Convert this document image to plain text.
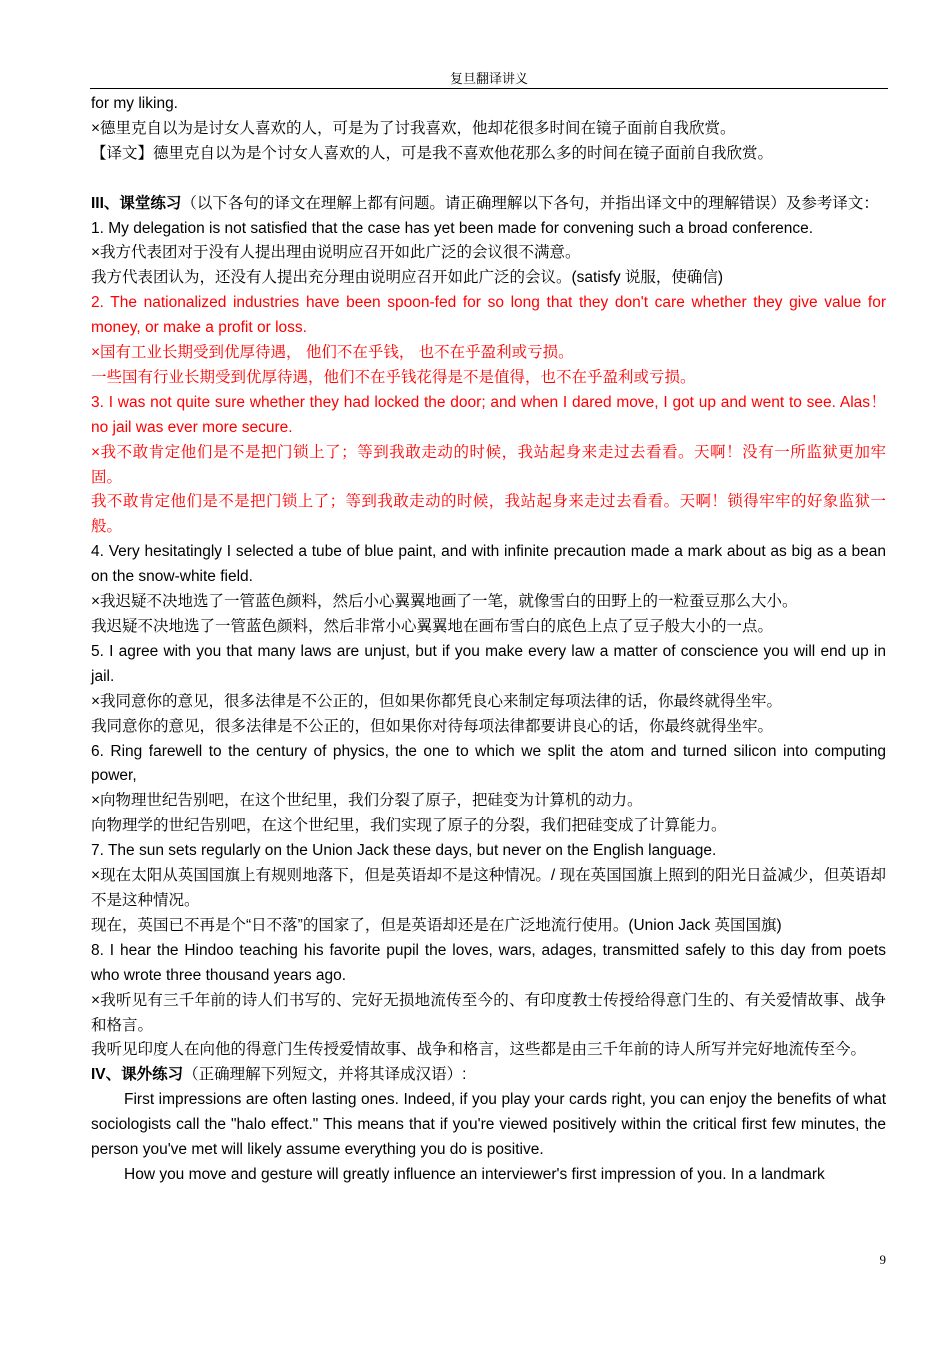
复旦翻译讲义

for my liking.

×德里克自以为是讨女人喜欢的人，可是为了讨我喜欢，他却花很多时间在镜子面前自我欣赏。

【译文】德里克自以为是个讨女人喜欢的人，可是我不喜欢他花那么多的时间在镜子面前自我欣赏。

III、课堂练习（以下各句的译文在理解上都有问题。请正确理解以下各句，并指出译文中的理解错误）及参考译文：

1. My delegation is not satisfied that the case has yet been made for convening such a broad conference.

×我方代表团对于没有人提出理由说明应召开如此广泛的会议很不满意。

我方代表团认为，还没有人提出充分理由说明应召开如此广泛的会议。(satisfy 说服，使确信)

2. The nationalized industries have been spoon-fed for so long that they don't care whether they give value for money, or make a profit or loss.

×国有工业长期受到优厚待遇， 他们不在乎钱， 也不在乎盈利或亏损。

一些国有行业长期受到优厚待遇，他们不在乎钱花得是不是值得，也不在乎盈利或亏损。

3. I was not quite sure whether they had locked the door; and when I dared move, I got up and went to see. Alas！ no jail was ever more secure.

×我不敢肯定他们是不是把门锁上了；等到我敢走动的时候，我站起身来走过去看看。天啊！没有一所监狱更加牢固。

我不敢肯定他们是不是把门锁上了；等到我敢走动的时候，我站起身来走过去看看。天啊！锁得牢牢的好象监狱一般。

4. Very hesitatingly I selected a tube of blue paint, and with infinite precaution made a mark about as big as a bean on the snow-white field.

×我迟疑不决地选了一管蓝色颜料，然后小心翼翼地画了一笔，就像雪白的田野上的一粒蚕豆那么大小。

我迟疑不决地选了一管蓝色颜料，然后非常小心翼翼地在画布雪白的底色上点了豆子般大小的一点。

5. I agree with you that many laws are unjust, but if you make every law a matter of conscience you will end up in jail.

×我同意你的意见，很多法律是不公正的，但如果你都凭良心来制定每项法律的话，你最终就得坐牢。

我同意你的意见，很多法律是不公正的，但如果你对待每项法律都要讲良心的话，你最终就得坐牢。

6. Ring farewell to the century of physics, the one to which we split the atom and turned silicon into computing power,

×向物理世纪告别吧，在这个世纪里，我们分裂了原子，把硅变为计算机的动力。

向物理学的世纪告别吧，在这个世纪里，我们实现了原子的分裂，我们把硅变成了计算能力。

7. The sun sets regularly on the Union Jack these days, but never on the English language.

×现在太阳从英国国旗上有规则地落下，但是英语却不是这种情况。/ 现在英国国旗上照到的阳光日益减少，但英语却不是这种情况。

现在，英国已不再是个“日不落”的国家了，但是英语却还是在广泛地流行使用。(Union Jack 英国国旗)

8. I hear the Hindoo teaching his favorite pupil the loves, wars, adages, transmitted safely to this day from poets who wrote three thousand years ago.

×我听见有三千年前的诗人们书写的、完好无损地流传至今的、有印度教士传授给得意门生的、有关爱情故事、战争和格言。

我听见印度人在向他的得意门生传授爱情故事、战争和格言，这些都是由三千年前的诗人所写并完好地流传至今。

IV、课外练习（正确理解下列短文，并将其译成汉语）:

First impressions are often lasting ones. Indeed, if you play your cards right, you can enjoy the benefits of what sociologists call the "halo effect." This means that if you're viewed positively within the critical first few minutes, the person you've met will likely assume everything you do is positive.

How you move and gesture will greatly influence an interviewer's first impression of you. In a landmark

9
